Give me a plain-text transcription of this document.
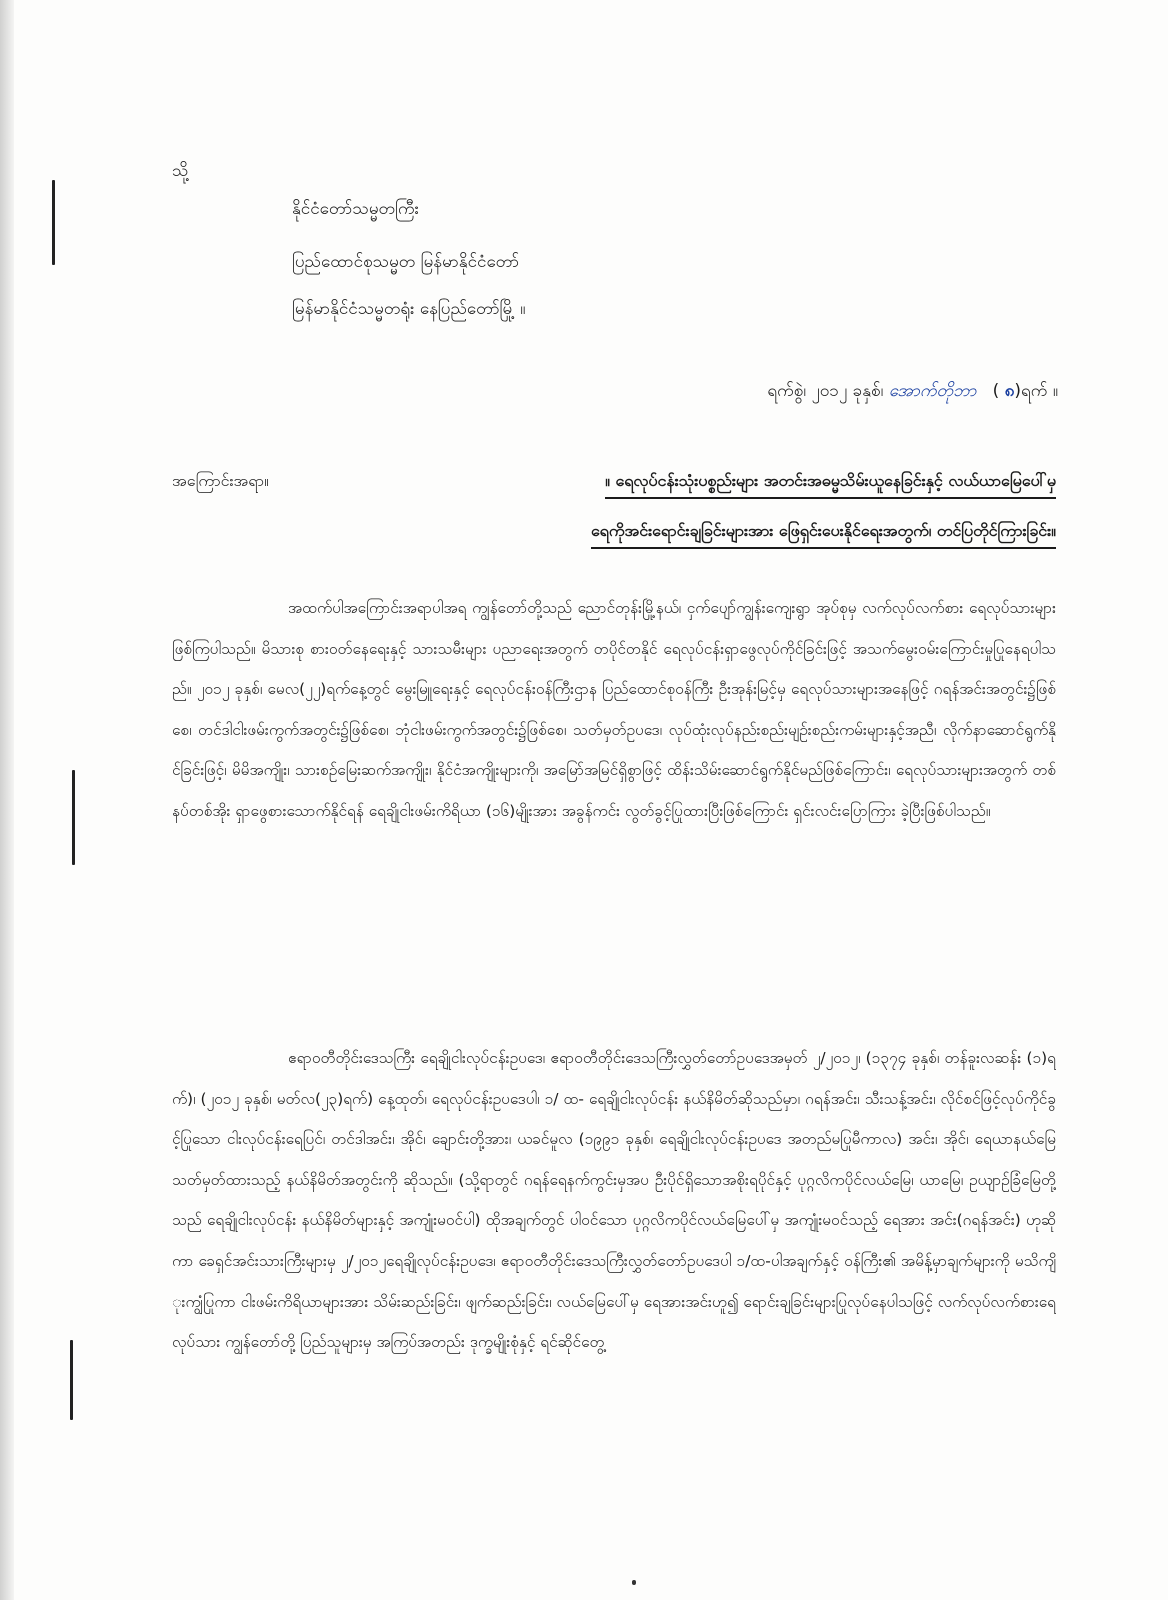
သို့
နိုင်ငံတော်သမ္မတကြီး
ပြည်ထောင်စုသမ္မတ မြန်မာနိုင်ငံတော်
မြန်မာနိုင်ငံသမ္မတရုံး နေပြည်တော်မြို့ ။
ရက်စွဲ၊ ၂၀၁၂ ခုနှစ်၊ အောက်တိုဘာ ( ၈)ရက် ။
အကြောင်းအရာ။	။ ရေလုပ်ငန်းသုံးပစ္စည်းများ အတင်းအဓမ္မသိမ်းယူနေခြင်းနှင့် လယ်ယာမြေပေါ်မှ
ရေကိုအင်းရောင်းချခြင်းများအား ဖြေရှင်းပေးနိုင်ရေးအတွက်၊ တင်ပြတိုင်ကြားခြင်း။
အထက်ပါအကြောင်းအရာပါအရ ကျွန်တော်တို့သည် ညောင်တုန်းမြို့နယ်၊ ငှက်ပျော်ကျွန်းကျေးရွာ အုပ်စုမှ လက်လုပ်လက်စား ရေလုပ်သားများဖြစ်ကြပါသည်။ မိသားစု စားဝတ်နေရေးနှင့် သားသမီးများ ပညာရေးအတွက် တပိုင်တနိုင် ရေလုပ်ငန်းရှာဖွေလုပ်ကိုင်ခြင်းဖြင့် အသက်မွေးဝမ်းကြောင်းမှုပြုနေရပါသည်။ ၂၀၁၂ ခုနှစ်၊ မေလ(၂၂)ရက်နေ့တွင် မွေးမြူရေးနှင့် ရေလုပ်ငန်းဝန်ကြီးဌာန ပြည်ထောင်စုဝန်ကြီး ဦးအုန်းမြင့်မှ ရေလုပ်သားများအနေဖြင့် ဂရန်အင်းအတွင်း၌ဖြစ်စေ၊ တင်ဒါငါးဖမ်းကွက်အတွင်း၌ဖြစ်စေ၊ ဘုံငါးဖမ်းကွက်အတွင်း၌ဖြစ်စေ၊ သတ်မှတ်ဥပဒေ၊ လုပ်ထုံးလုပ်နည်းစည်းမျဉ်းစည်းကမ်းများနှင့်အညီ၊ လိုက်နာဆောင်ရွက်နိုင်ခြင်းဖြင့်၊ မိမိအကျိုး၊ သားစဉ်မြေးဆက်အကျိုး၊ နိုင်ငံအကျိုးများကို၊ အမြော်အမြင်ရှိစွာဖြင့် ထိန်းသိမ်းဆောင်ရွက်နိုင်မည်ဖြစ်ကြောင်း၊ ရေလုပ်သားများအတွက် တစ်နပ်တစ်အိုး ရှာဖွေစားသောက်နိုင်ရန် ရေချိုငါးဖမ်းကိရိယာ (၁၆)မျိုးအား အခွန်ကင်း လွတ်ခွင့်ပြုထားပြီးဖြစ်ကြောင်း ရှင်းလင်းပြောကြား ခဲ့ပြီးဖြစ်ပါသည်။
ဧရာဝတီတိုင်းဒေသကြီး ရေချိုငါးလုပ်ငန်းဥပဒေ၊ ဧရာဝတီတိုင်းဒေသကြီးလွှတ်တော်ဥပဒေအမှတ် ၂/၂၀၁၂၊ (၁၃၇၄ ခုနှစ်၊ တန်ခူးလဆန်း (၁)ရက်)၊ (၂၀၁၂ ခုနှစ်၊ မတ်လ(၂၃)ရက်) နေ့ထုတ်၊ ရေလုပ်ငန်းဥပဒေပါ၊ ၁/ ထ- ရေချိုငါးလုပ်ငန်း နယ်နိမိတ်ဆိုသည်မှာ၊ ဂရန်အင်း၊ သီးသန့်အင်း၊ လိုင်စင်ဖြင့်လုပ်ကိုင်ခွင့်ပြုသော ငါးလုပ်ငန်းရေပြင်၊ တင်ဒါအင်း၊ အိုင်၊ ချောင်းတို့အား၊ ယခင်မူလ (၁၉၉၁ ခုနှစ်၊ ရေချိုငါးလုပ်ငန်းဥပဒေ အတည်မပြုမီကာလ) အင်း၊ အိုင်၊ ရေယာနယ်မြေသတ်မှတ်ထားသည့် နယ်နိမိတ်အတွင်းကို ဆိုသည်။ (သို့ရာတွင် ဂရန်ရေနက်ကွင်းမှအပ ဦးပိုင်ရှိသောအစိုးရပိုင်နှင့် ပုဂ္ဂလိကပိုင်လယ်မြေ၊ ယာမြေ၊ ဥယျာဉ်ခြံမြေတို့သည် ရေချိုငါးလုပ်ငန်း နယ်နိမိတ်များနှင့် အကျုံးမဝင်ပါ) ထိုအချက်တွင် ပါဝင်သော ပုဂ္ဂလိကပိုင်လယ်မြေပေါ်မှ အကျုံးမဝင်သည့် ရေအား အင်း(ဂရန်အင်း) ဟုဆိုကာ ခေရှင်အင်းသားကြီးများမှ ၂/၂၀၁၂ရေချိုလုပ်ငန်းဥပဒေ၊ ဧရာဝတီတိုင်းဒေသကြီးလွှတ်တော်ဥပဒေပါ ၁/ထ-ပါအချက်နှင့် ဝန်ကြီး၏ အမိန့်မှာချက်များကို မသိကျိုးကျွံပြုကာ ငါးဖမ်းကိရိယာများအား သိမ်းဆည်းခြင်း၊ ဖျက်ဆည်းခြင်း၊ လယ်မြေပေါ်မှ ရေအားအင်းဟူ၍ ရောင်းချခြင်းများပြုလုပ်နေပါသဖြင့် လက်လုပ်လက်စားရေလုပ်သား ကျွန်တော်တို့ ပြည်သူများမှ အကြပ်အတည်း ဒုက္ခမျိုးစုံနှင့် ရင်ဆိုင်တွေ့
